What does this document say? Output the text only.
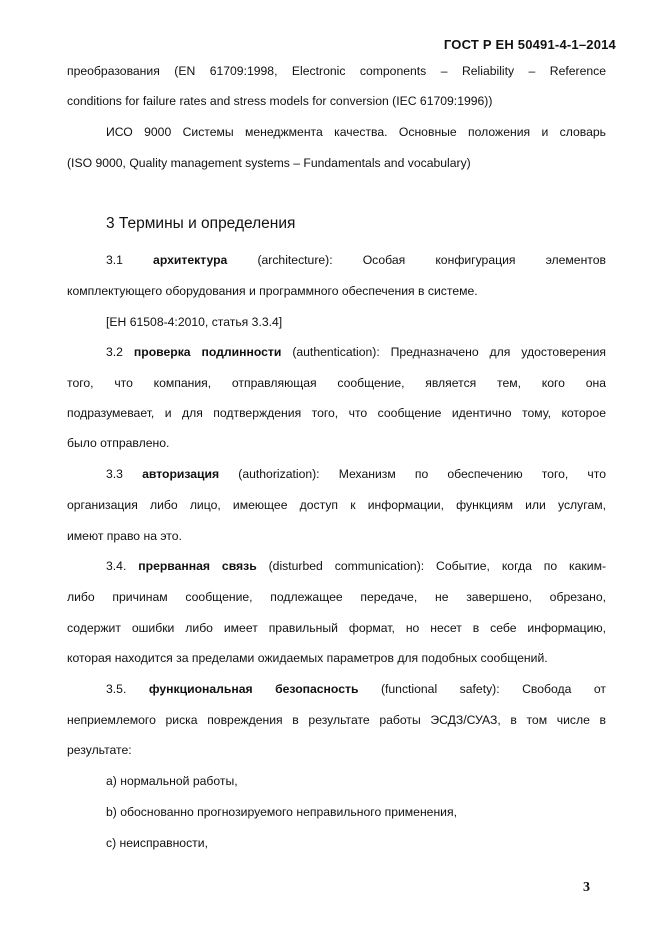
ГОСТ Р ЕН 50491-4-1–2014
преобразования (EN 61709:1998, Electronic components – Reliability – Reference
conditions for failure rates and stress models for conversion (IEC 61709:1996))
ИСО 9000 Системы менеджмента качества. Основные положения и словарь
(ISO 9000, Quality management systems – Fundamentals and vocabulary)
3 Термины и определения
3.1 архитектура (architecture): Особая конфигурация элементов
комплектующего оборудования и программного обеспечения в системе.
[ЕН 61508-4:2010, статья 3.3.4]
3.2 проверка подлинности (authentication): Предназначено для удостоверения
того, что компания, отправляющая сообщение, является тем, кого она
подразумевает, и для подтверждения того, что сообщение идентично тому, которое
было отправлено.
3.3 авторизация (authorization): Механизм по обеспечению того, что
организация либо лицо, имеющее доступ к информации, функциям или услугам,
имеют право на это.
3.4. прерванная связь (disturbed communication): Событие, когда по каким-
либо причинам сообщение, подлежащее передаче, не завершено, обрезано,
содержит ошибки либо имеет правильный формат, но несет в себе информацию,
которая находится за пределами ожидаемых параметров для подобных сообщений.
3.5. функциональная безопасность (functional safety): Свобода от
неприемлемого риска повреждения в результате работы ЭСДЗ/СУАЗ, в том числе в
результате:
а) нормальной работы,
b) обоснованно прогнозируемого неправильного применения,
с) неисправности,
3
